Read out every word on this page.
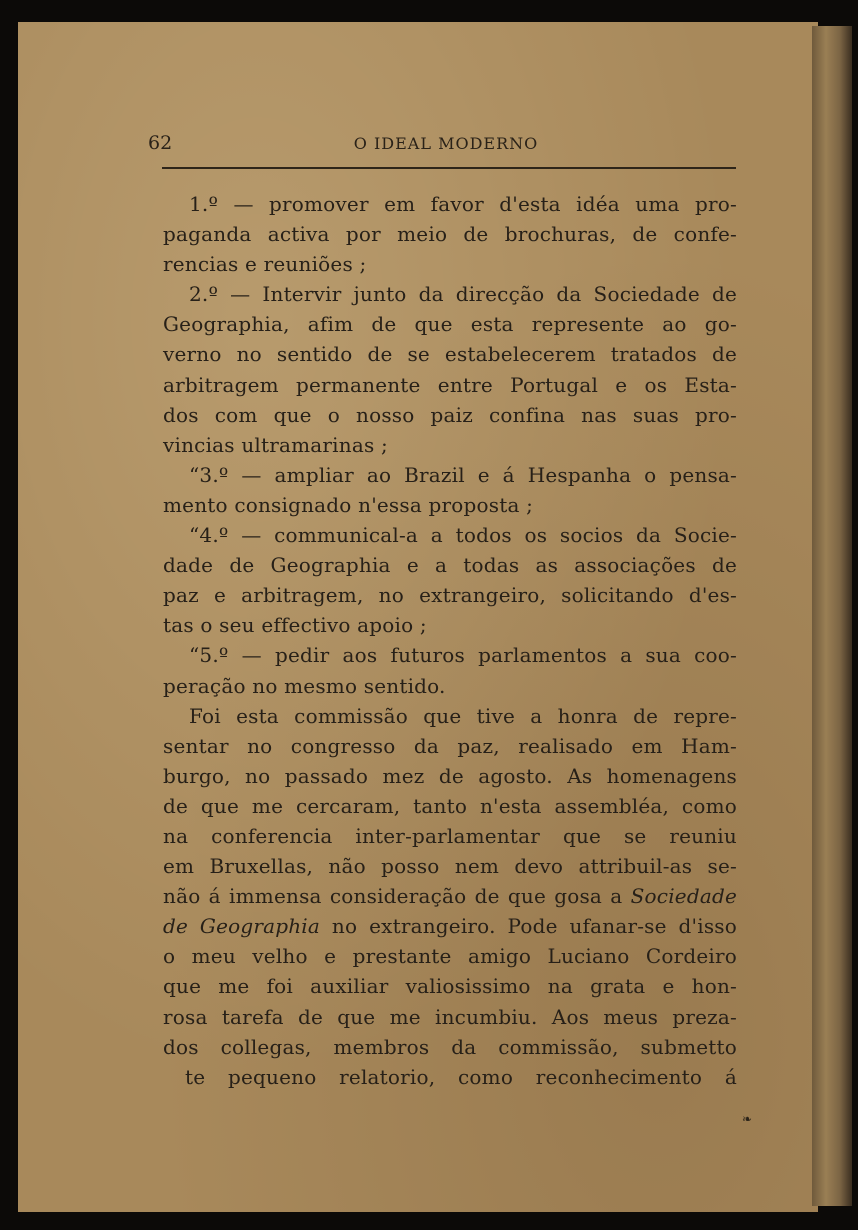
62	O IDEAL MODERNO
1.º — promover em favor d'esta idéa uma pro-
paganda activa por meio de brochuras, de confe-
rencias e reuniões ;
2.º — Intervir junto da direcção da Sociedade de
Geographia, afim de que esta represente ao go-
verno no sentido de se estabelecerem tratados de
arbitragem permanente entre Portugal e os Esta-
dos com que o nosso paiz confina nas suas pro-
vincias ultramarinas ;
“3.º — ampliar ao Brazil e á Hespanha o pensa-
mento consignado n'essa proposta ;
“4.º — communical-a a todos os socios da Socie-
dade de Geographia e a todas as associações de
paz e arbitragem, no extrangeiro, solicitando d'es-
tas o seu effectivo apoio ;
“5.º — pedir aos futuros parlamentos a sua coo-
peração no mesmo sentido.
Foi esta commissão que tive a honra de repre-
sentar no congresso da paz, realisado em Ham-
burgo, no passado mez de agosto. As homenagens
de que me cercaram, tanto n'esta assembléa, como
na conferencia inter-parlamentar que se reuniu
em Bruxellas, não posso nem devo attribuil-as se-
não á immensa consideração de que gosa a Sociedade
de Geographia no extrangeiro. Pode ufanar-se d'isso
o meu velho e prestante amigo Luciano Cordeiro
que me foi auxiliar valiosissimo na grata e hon-
rosa tarefa de que me incumbiu. Aos meus preza-
dos collegas, membros da commissão, submetto
te pequeno relatorio, como reconhecimento á
❧
